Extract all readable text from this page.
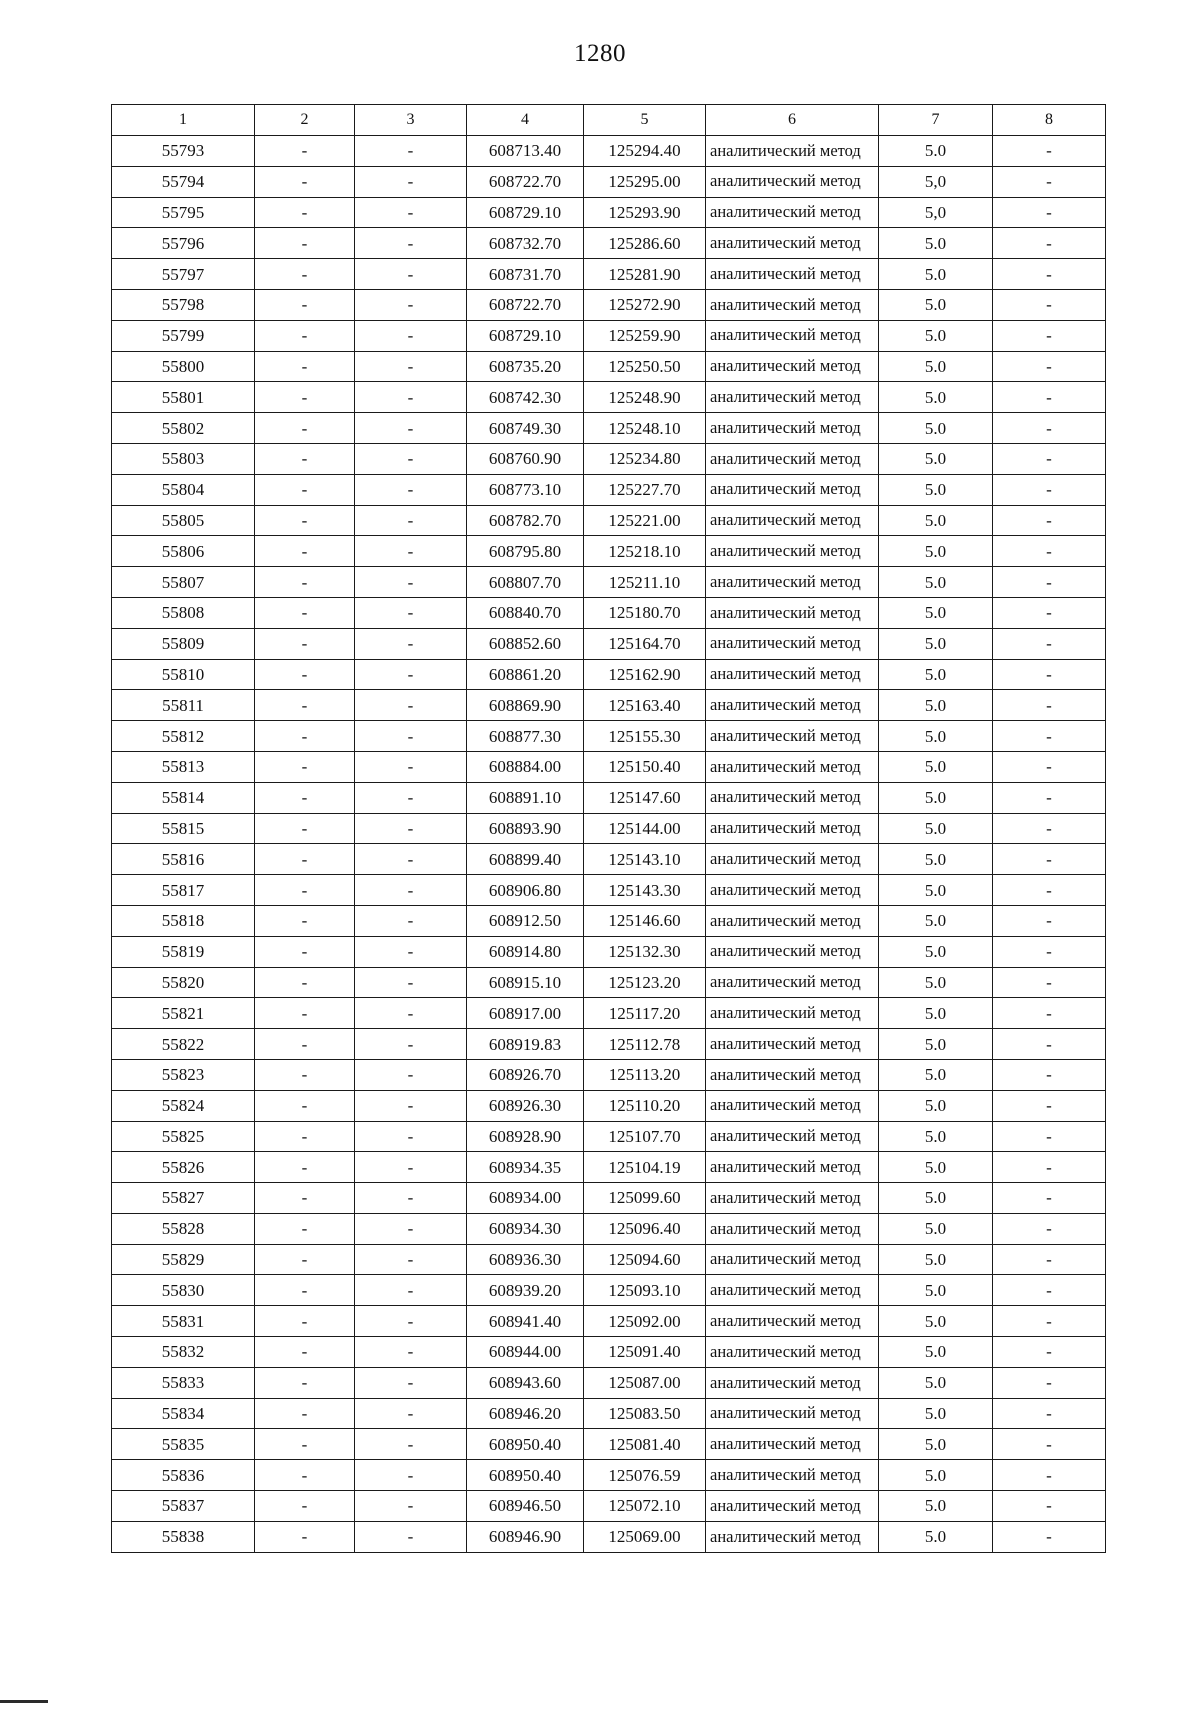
1280
1	2	3	4	5	6	7	8
55793	-	-	608713.40	125294.40	аналитический метод	5.0	-
55794	-	-	608722.70	125295.00	аналитический метод	5,0	-
55795	-	-	608729.10	125293.90	аналитический метод	5,0	-
55796	-	-	608732.70	125286.60	аналитический метод	5.0	-
55797	-	-	608731.70	125281.90	аналитический метод	5.0	-
55798	-	-	608722.70	125272.90	аналитический метод	5.0	-
55799	-	-	608729.10	125259.90	аналитический метод	5.0	-
55800	-	-	608735.20	125250.50	аналитический метод	5.0	-
55801	-	-	608742.30	125248.90	аналитический метод	5.0	-
55802	-	-	608749.30	125248.10	аналитический метод	5.0	-
55803	-	-	608760.90	125234.80	аналитический метод	5.0	-
55804	-	-	608773.10	125227.70	аналитический метод	5.0	-
55805	-	-	608782.70	125221.00	аналитический метод	5.0	-
55806	-	-	608795.80	125218.10	аналитический метод	5.0	-
55807	-	-	608807.70	125211.10	аналитический метод	5.0	-
55808	-	-	608840.70	125180.70	аналитический метод	5.0	-
55809	-	-	608852.60	125164.70	аналитический метод	5.0	-
55810	-	-	608861.20	125162.90	аналитический метод	5.0	-
55811	-	-	608869.90	125163.40	аналитический метод	5.0	-
55812	-	-	608877.30	125155.30	аналитический метод	5.0	-
55813	-	-	608884.00	125150.40	аналитический метод	5.0	-
55814	-	-	608891.10	125147.60	аналитический метод	5.0	-
55815	-	-	608893.90	125144.00	аналитический метод	5.0	-
55816	-	-	608899.40	125143.10	аналитический метод	5.0	-
55817	-	-	608906.80	125143.30	аналитический метод	5.0	-
55818	-	-	608912.50	125146.60	аналитический метод	5.0	-
55819	-	-	608914.80	125132.30	аналитический метод	5.0	-
55820	-	-	608915.10	125123.20	аналитический метод	5.0	-
55821	-	-	608917.00	125117.20	аналитический метод	5.0	-
55822	-	-	608919.83	125112.78	аналитический метод	5.0	-
55823	-	-	608926.70	125113.20	аналитический метод	5.0	-
55824	-	-	608926.30	125110.20	аналитический метод	5.0	-
55825	-	-	608928.90	125107.70	аналитический метод	5.0	-
55826	-	-	608934.35	125104.19	аналитический метод	5.0	-
55827	-	-	608934.00	125099.60	аналитический метод	5.0	-
55828	-	-	608934.30	125096.40	аналитический метод	5.0	-
55829	-	-	608936.30	125094.60	аналитический метод	5.0	-
55830	-	-	608939.20	125093.10	аналитический метод	5.0	-
55831	-	-	608941.40	125092.00	аналитический метод	5.0	-
55832	-	-	608944.00	125091.40	аналитический метод	5.0	-
55833	-	-	608943.60	125087.00	аналитический метод	5.0	-
55834	-	-	608946.20	125083.50	аналитический метод	5.0	-
55835	-	-	608950.40	125081.40	аналитический метод	5.0	-
55836	-	-	608950.40	125076.59	аналитический метод	5.0	-
55837	-	-	608946.50	125072.10	аналитический метод	5.0	-
55838	-	-	608946.90	125069.00	аналитический метод	5.0	-
